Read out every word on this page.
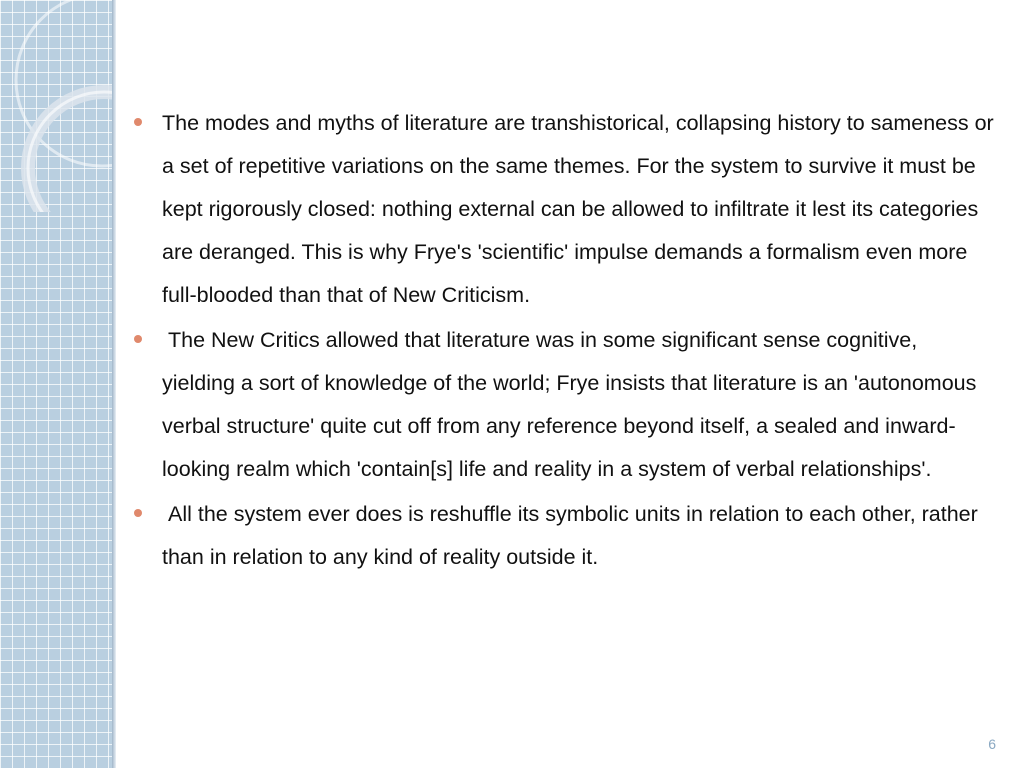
The modes and myths of literature are transhistorical, collapsing history to sameness or a set of repetitive variations on the same themes. For the system to survive it must be kept rigorously closed: nothing external can be allowed to infiltrate it lest its categories are deranged. This is why Frye's 'scientific' impulse demands a formalism even more full-blooded than that of New Criticism.
The New Critics allowed that literature was in some significant sense cognitive, yielding a sort of knowledge of the world; Frye insists that literature is an 'autonomous verbal structure' quite cut off from any reference beyond itself, a sealed and inward-looking realm which 'contain[s] life and reality in a system of verbal relationships'.
All the system ever does is reshuffle its symbolic units in relation to each other, rather than in relation to any kind of reality outside it.
6
